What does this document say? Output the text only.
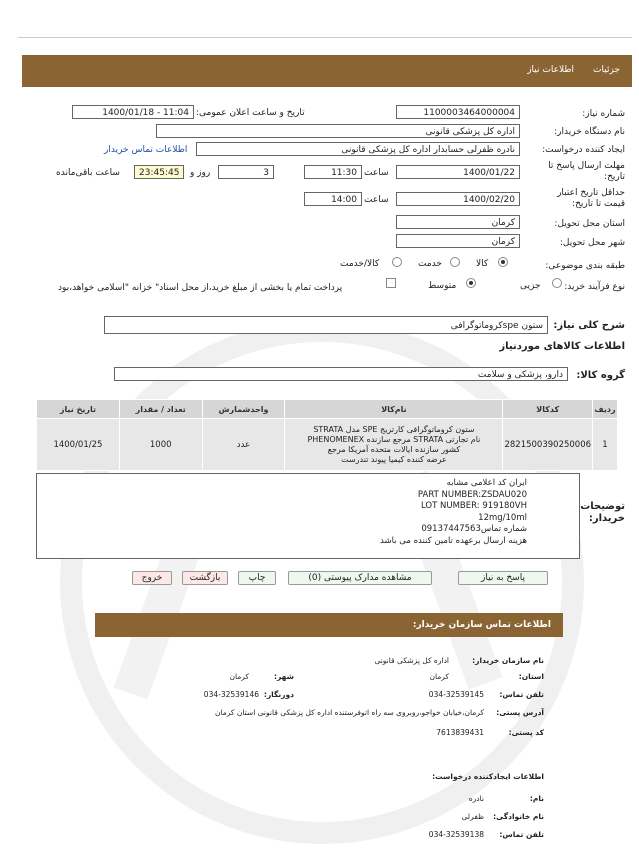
جزئیات
اطلاعات نیاز
شماره نیاز:
1100003464000004
تاریخ و ساعت اعلان عمومی:
1400/01/18 - 11:04
نام دستگاه خریدار:
اداره کل پزشکی قانونی
ایجاد کننده درخواست:
نادره ظفرلی حسابدار اداره کل پزشکی قانونی
اطلاعات تماس خریدار
مهلت ارسال پاسخ تا تاریخ:
1400/01/22
ساعت
11:30
3
روز و
23:45:45
ساعت باقی‌مانده
حداقل تاریخ اعتبار قیمت تا تاریخ:
1400/02/20
ساعت
14:00
استان محل تحویل:
کرمان
شهر محل تحویل:
کرمان
طبقه بندی موضوعی:
کالا
خدمت
کالا/خدمت
نوع فرآیند خرید:
جزیی
متوسط
پرداخت تمام یا بخشی از مبلغ خرید،از محل اسناد" خزانه "اسلامی خواهد،بود
شرح کلی نیاز:
ستون speکروماتوگرافی
اطلاعات کالاهای موردنیاز
گروه کالا:
دارو، پزشکی و سلامت
ردیف	کدکالا	نام‌کالا	واحدشمارش	تعداد / مقدار	تاریخ نیاز
1	2821500390250006	ستون کروماتوگرافی کارتریج SPE مدل STRATA
نام تجارتی STRATA مرجع سازنده PHENOMENEX
کشور سازنده ایالات متحده آمریکا مرجع
عرضه کننده کیمیا پیوند تندرست	عدد	1000	1400/01/25
توضیحات خریدار:
ایران کد اعلامی مشابه
PART NUMBER:ZSDAU020
LOT NUMBER: 919180VH
12mg/10ml
شماره تماس09137447563
هزینه ارسال برعهده تامین کننده می باشد
پاسخ به نیاز
مشاهده مدارک پیوستی (0)
چاپ
بازگشت
خروج
اطلاعات تماس سازمان خریدار:
نام سازمان خریدار:
اداره کل پزشکی قانونی
استان:
کرمان
شهر:
کرمان
تلفن تماس:
034-32539145
دورنگار:
034-32539146
آدرس پستی:
کرمان،خیابان خواجو،روبروی سه راه اتوفرستنده اداره کل پزشکی قانونی استان کرمان
کد پستی:
7613839431
اطلاعات ایجادکننده درخواست:
نام:
نادره
نام خانوادگی:
ظفرلی
تلفن تماس:
034-32539138
